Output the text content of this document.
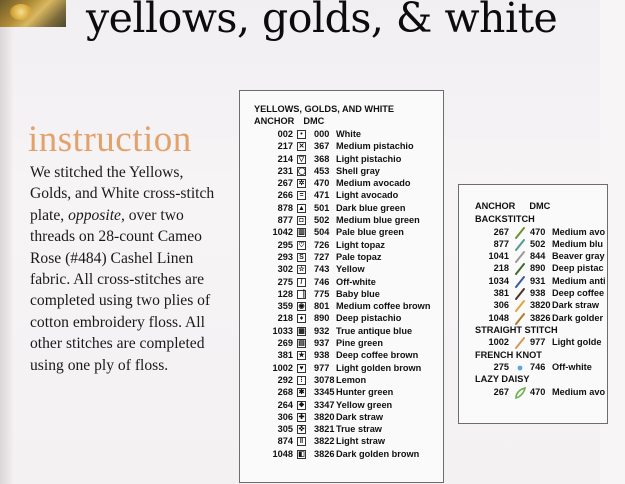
yellows, golds, & white
instruction
We stitched the Yellows,
Golds, and White cross-stitch
plate, opposite, over two
threads on 28-count Cameo
Rose (#484) Cashel Linen
fabric. All cross-stitches are
completed using two plies of
cotton embroidery floss. All
other stitches are completed
using one ply of floss.
YELLOWS, GOLDS, AND WHITE
ANCHOR DMC
002	•	000 White
217 ✕ 367 Medium pistachio
214 ▽ 368 Light pistachio
231 ◯ 453 Shell gray
267 ✲ 470 Medium avocado
266 = 471 Light avocado
878 ▲ 501 Dark blue green
877 ◘ 502 Medium blue green
1042 ▥ 504 Pale blue green
295 ♡ 726 Light topaz
293 S 727 Pale topaz
302 ☆ 743 Yellow
275	/	746 Off-white
128 ▕ 775 Baby blue
359 ◉ 801 Medium coffee brown
218 ♦ 890 Deep pistachio
1033 ▦ 932 True antique blue
269 ▤ 937 Pine green
381 ★ 938 Deep coffee brown
1002 ♥ 977 Light golden brown
292	⁝	3078 Lemon
268 ✱ 3345 Hunter green
264 ❖ 3347 Yellow green
306 ✚ 3820 Dark straw
305 ✜ 3821 True straw
874 ‖	3822 Light straw
1048 ◧ 3826 Dark golden brown
ANCHOR DMC
BACKSTITCH
267 470 Medium avo
877 502 Medium blu
1041 844 Beaver gray
218 890 Deep pistac
1034 931 Medium anti
381 938 Deep coffee
306 3820 Dark straw
1048 3826 Dark golder
STRAIGHT STITCH
1002 977 Light golde
FRENCH KNOT
275 746 Off-white
LAZY DAISY
267 470 Medium avo
